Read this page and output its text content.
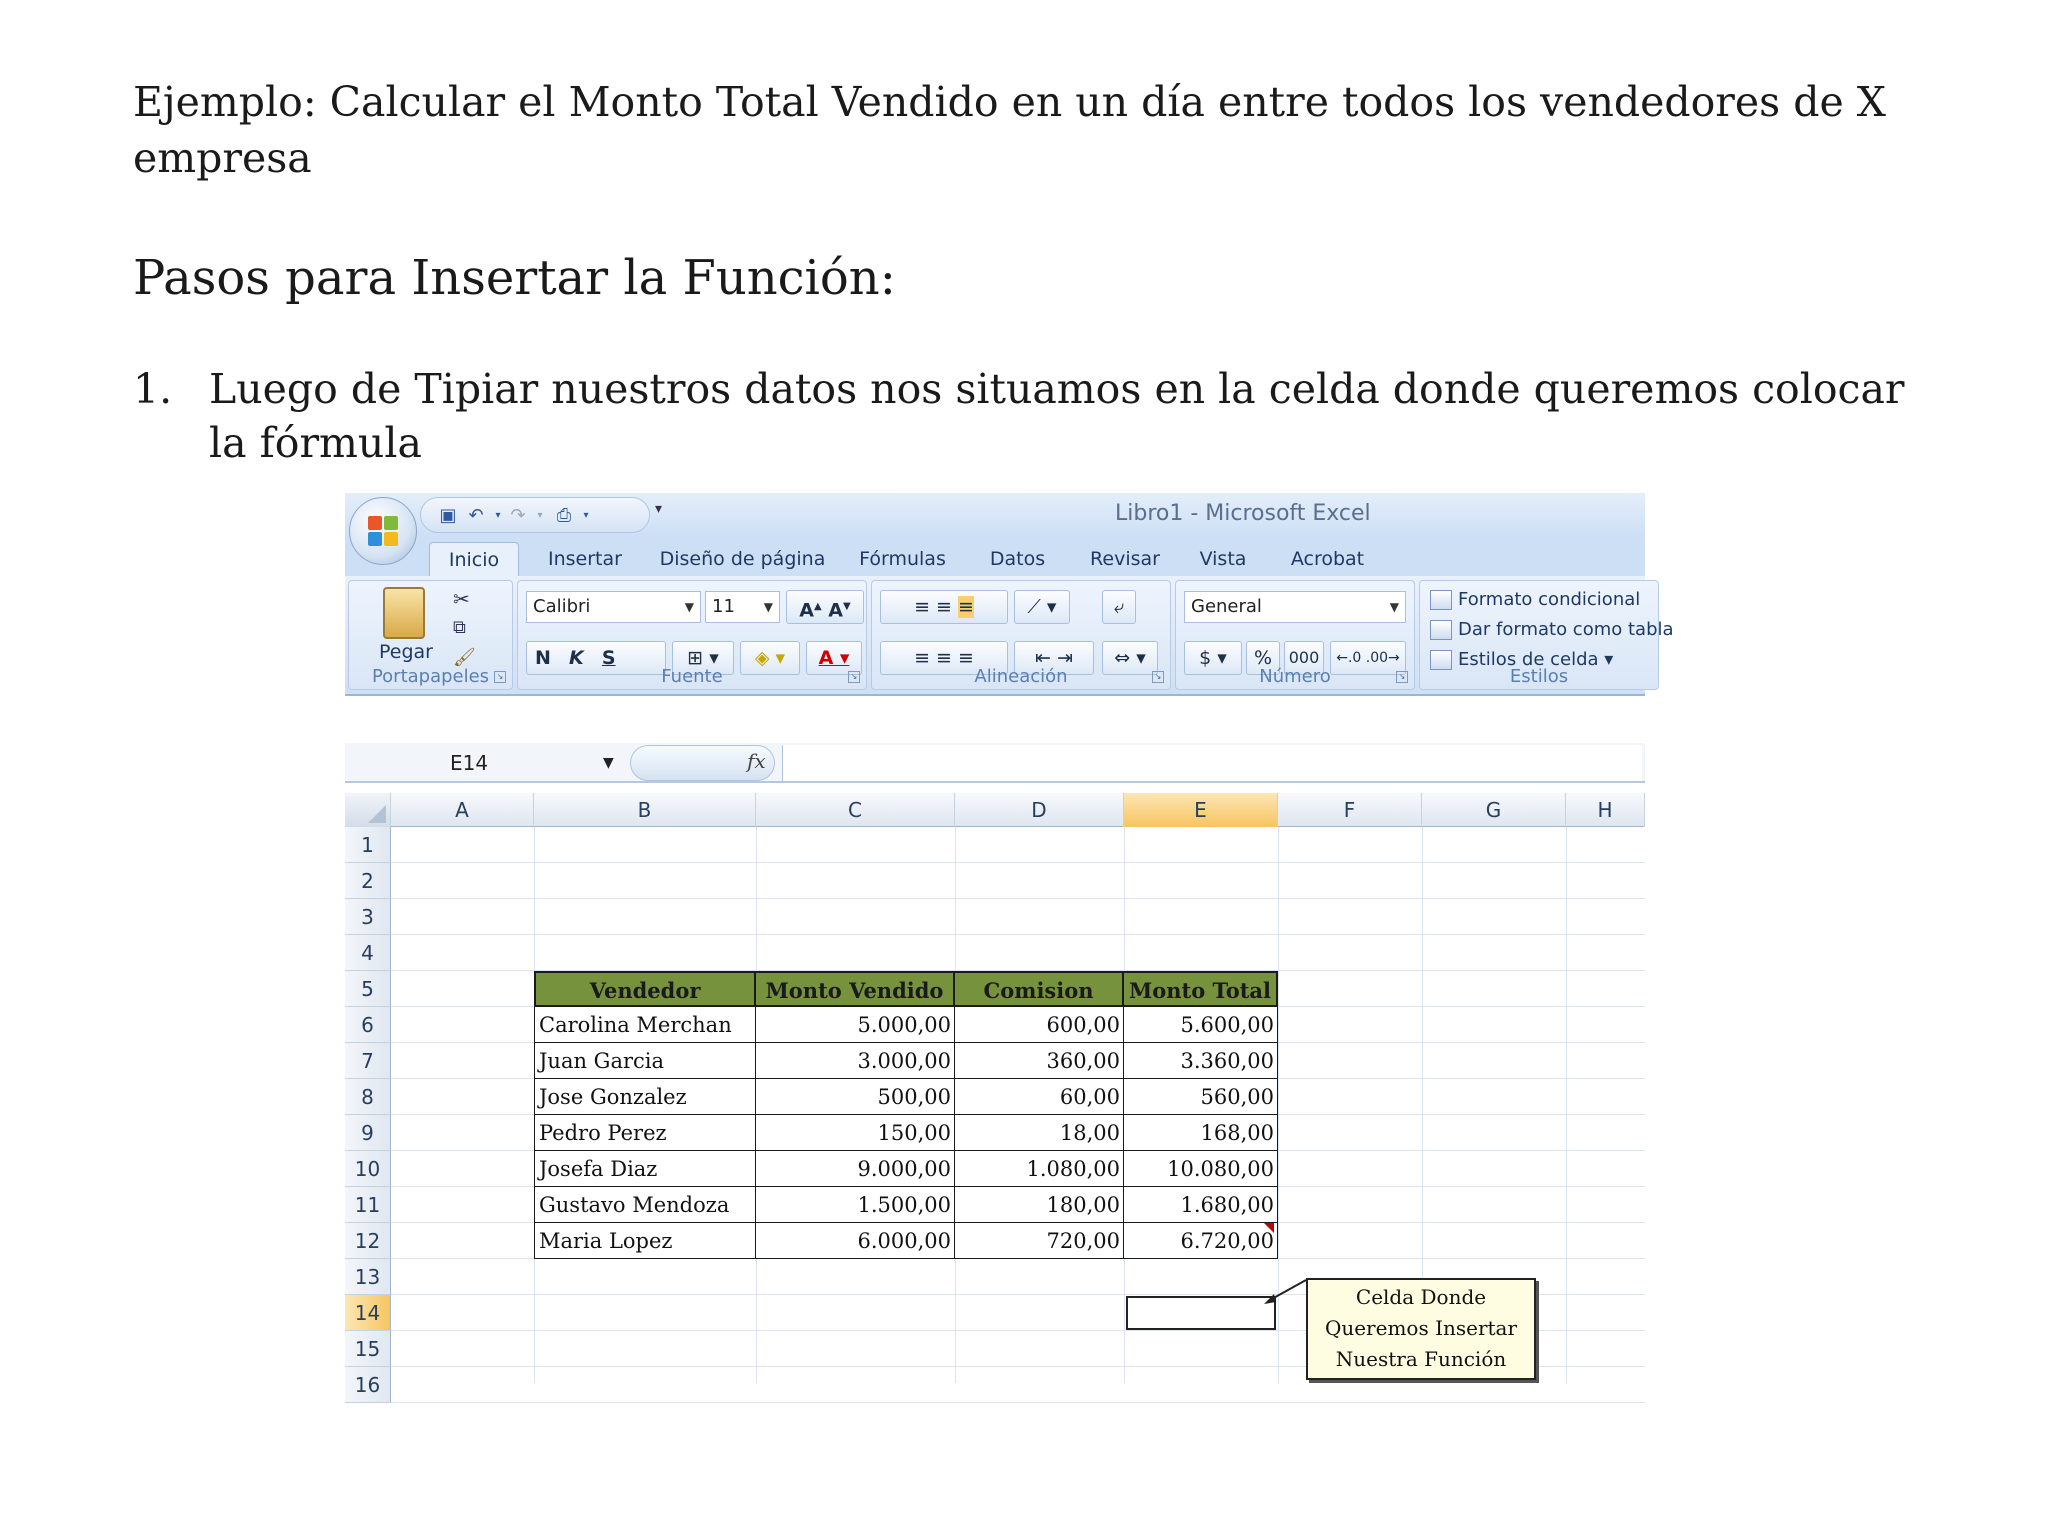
Ejemplo: Calcular el Monto Total Vendido en un día entre todos los vendedores de X empresa
Pasos para Insertar la Función:
1. Luego de Tipiar nuestros datos nos situamos en la celda donde queremos colocar la fórmula
▣ ↶	▾ ↷	▾ ⎙	▾	▾	Libro1 - Microsoft Excel
Inicio	Insertar	Diseño de página	Fórmulas	Datos	Revisar	Vista	Acrobat
Pegar
✂
⧉
🖌
Portapapeles ↘
Calibri	▼	11 ▼	A▲ A▼
N K S	⊞ ▾	◈ ▾	A ▾
Fuente	↘
≡ ≡ ≡	⟋ ▾	⤶
≡ ≡ ≡	⇤ ⇥	⇔ ▾
Alineación	↘
General	▼
$ ▾	%	000	←.0 .00→
Número	↘
Formato condicional
Dar formato como tabla
Estilos de celda ▾
Estilos
E14	▼	fx
A	B	C	D	E	F	G	H
1
2
3
4
5
6
7
8
9
10
11
12
13
14
15
16
Vendedor	Monto Vendido	Comision	Monto Total
Carolina Merchan	5.000,00	600,00	5.600,00
Juan Garcia	3.000,00	360,00	3.360,00
Jose Gonzalez	500,00	60,00	560,00
Pedro Perez	150,00	18,00	168,00
Josefa Diaz	9.000,00	1.080,00	10.080,00
Gustavo Mendoza	1.500,00	180,00	1.680,00
Maria Lopez	6.000,00	720,00	6.720,00
Celda Donde
Queremos Insertar
Nuestra Función
